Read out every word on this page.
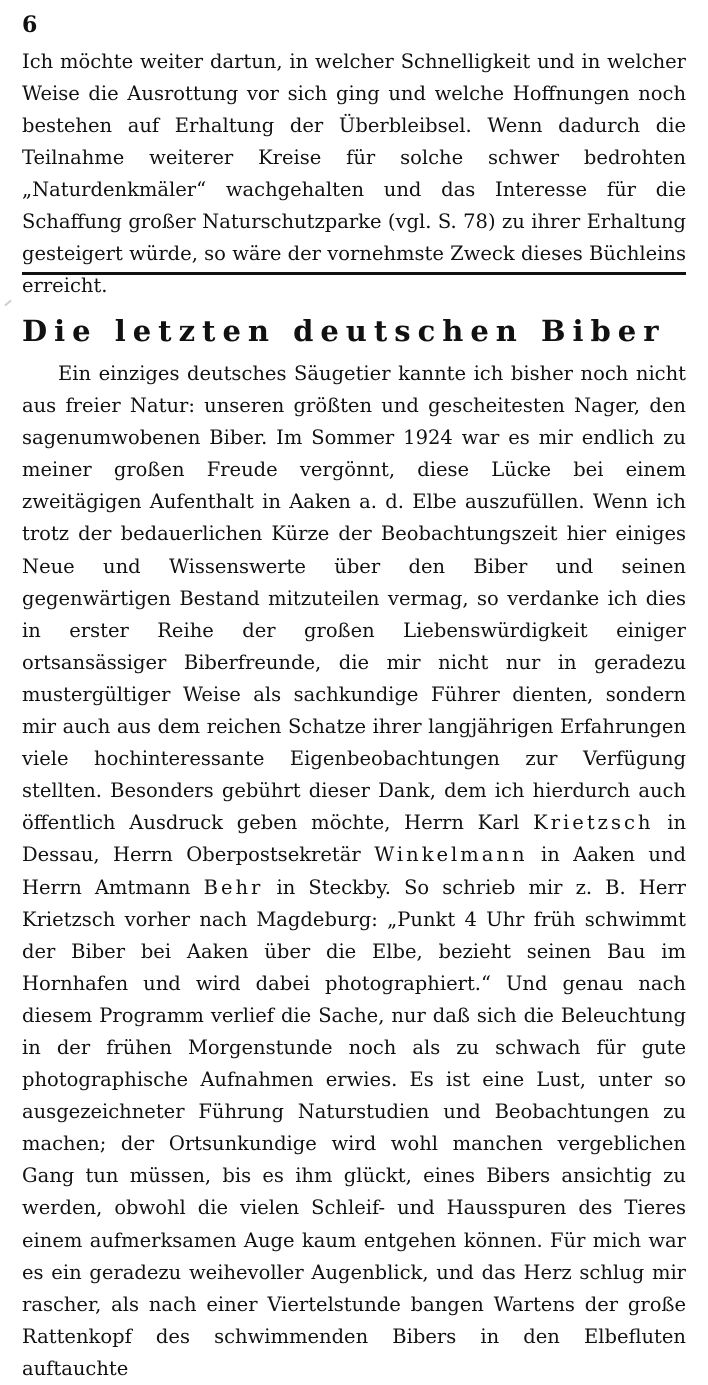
6

Ich möchte weiter dartun, in welcher Schnelligkeit und in welcher Weise die Ausrottung vor sich ging und welche Hoffnungen noch bestehen auf Erhaltung der Überbleibsel. Wenn dadurch die Teilnahme weiterer Kreise für solche schwer bedrohten „Naturdenkmäler“ wachgehalten und das Interesse für die Schaffung großer Naturschutzparke (vgl. S. 78) zu ihrer Erhaltung gesteigert würde, so wäre der vornehmste Zweck dieses Büchleins erreicht.

Die letzten deutschen Biber

Ein einziges deutsches Säugetier kannte ich bisher noch nicht aus freier Natur: unseren größten und gescheitesten Nager, den sagenumwobenen Biber. Im Sommer 1924 war es mir endlich zu meiner großen Freude vergönnt, diese Lücke bei einem zweitägigen Aufenthalt in Aaken a. d. Elbe auszufüllen. Wenn ich trotz der bedauerlichen Kürze der Beobachtungszeit hier einiges Neue und Wissenswerte über den Biber und seinen gegenwärtigen Bestand mitzuteilen vermag, so verdanke ich dies in erster Reihe der großen Liebenswürdigkeit einiger ortsansässiger Biberfreunde, die mir nicht nur in geradezu mustergültiger Weise als sachkundige Führer dienten, sondern mir auch aus dem reichen Schatze ihrer langjährigen Erfahrungen viele hochinteressante Eigenbeobachtungen zur Verfügung stellten. Besonders gebührt dieser Dank, dem ich hierdurch auch öffentlich Ausdruck geben möchte, Herrn Karl Krietzsch in Dessau, Herrn Oberpostsekretär Winkelmann in Aaken und Herrn Amtmann Behr in Steckby. So schrieb mir z. B. Herr Krietzsch vorher nach Magdeburg: „Punkt 4 Uhr früh schwimmt der Biber bei Aaken über die Elbe, bezieht seinen Bau im Hornhafen und wird dabei photographiert.“ Und genau nach diesem Programm verlief die Sache, nur daß sich die Beleuchtung in der frühen Morgenstunde noch als zu schwach für gute photographische Aufnahmen erwies. Es ist eine Lust, unter so ausgezeichneter Führung Naturstudien und Beobachtungen zu machen; der Ortsunkundige wird wohl manchen vergeblichen Gang tun müssen, bis es ihm glückt, eines Bibers ansichtig zu werden, obwohl die vielen Schleif- und Hausspuren des Tieres einem aufmerksamen Auge kaum entgehen können. Für mich war es ein geradezu weihevoller Augenblick, und das Herz schlug mir rascher, als nach einer Viertelstunde bangen Wartens der große Rattenkopf des schwimmenden Bibers in den Elbefluten auftauchte
